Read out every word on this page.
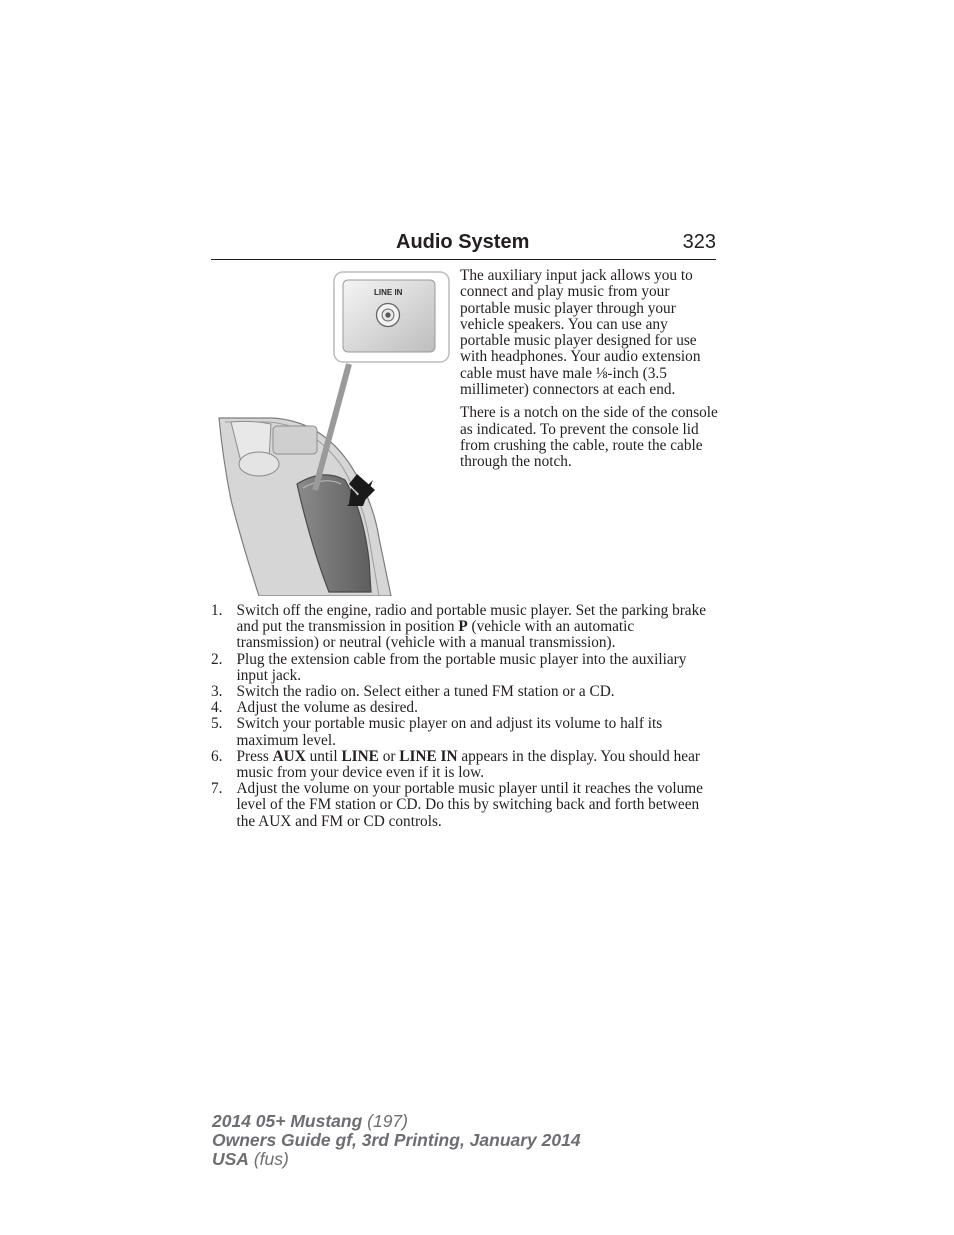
Audio System	323
LINE IN

The auxiliary input jack allows you to connect and play music from your portable music player through your vehicle speakers. You can use any portable music player designed for use with headphones. Your audio extension cable must have male ⅛-inch (3.5 millimeter) connectors at each end.

There is a notch on the side of the console as indicated. To prevent the console lid from crushing the cable, route the cable through the notch.

1. Switch off the engine, radio and portable music player. Set the parking brake and put the transmission in position P (vehicle with an automatic transmission) or neutral (vehicle with a manual transmission).
2. Plug the extension cable from the portable music player into the auxiliary input jack.
3. Switch the radio on. Select either a tuned FM station or a CD.
4. Adjust the volume as desired.
5. Switch your portable music player on and adjust its volume to half its maximum level.
6. Press AUX until LINE or LINE IN appears in the display. You should hear music from your device even if it is low.
7. Adjust the volume on your portable music player until it reaches the volume level of the FM station or CD. Do this by switching back and forth between the AUX and FM or CD controls.
2014 05+ Mustang (197)
Owners Guide gf, 3rd Printing, January 2014
USA (fus)
